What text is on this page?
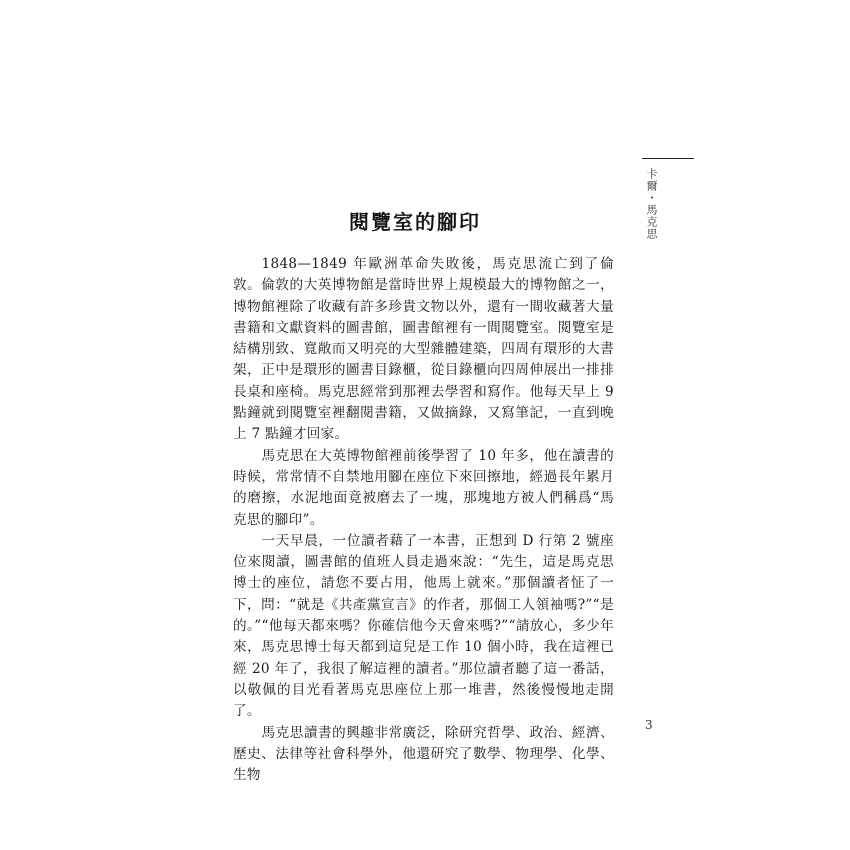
卡爾・馬克思
閱覽室的腳印

1848—1849 年歐洲革命失敗後，馬克思流亡到了倫敦。倫敦的大英博物館是當時世界上規模最大的博物館之一，博物館裡除了收藏有許多珍貴文物以外，還有一間收藏著大量書籍和文獻資料的圖書館，圖書館裡有一間閱覽室。閱覽室是結構別致、寬敞而又明亮的大型雜體建築，四周有環形的大書架，正中是環形的圖書目錄櫃，從目錄櫃向四周伸展出一排排長桌和座椅。馬克思經常到那裡去學習和寫作。他每天早上 9 點鐘就到閱覽室裡翻閱書籍，又做摘錄，又寫筆記，一直到晚上 7 點鐘才回家。

馬克思在大英博物館裡前後學習了 10 年多，他在讀書的時候，常常情不自禁地用腳在座位下來回擦地，經過長年累月的磨擦，水泥地面竟被磨去了一塊，那塊地方被人們稱爲“馬克思的腳印”。

一天早晨，一位讀者藉了一本書，正想到 D 行第 2 號座位來閱讀，圖書館的值班人員走過來說：“先生，這是馬克思博士的座位，請您不要占用，他馬上就來。”那個讀者怔了一下，問：“就是《共產黨宣言》的作者，那個工人領袖嗎?”“是的。”“他每天都來嗎？你確信他今天會來嗎?”“請放心，多少年來，馬克思博士每天都到這兒是工作 10 個小時，我在這裡已經 20 年了，我很了解這裡的讀者。”那位讀者聽了這一番話，以敬佩的目光看著馬克思座位上那一堆書，然後慢慢地走開了。

馬克思讀書的興趣非常廣泛，除研究哲學、政治、經濟、歷史、法律等社會科學外，他還研究了數學、物理學、化學、生物

3
